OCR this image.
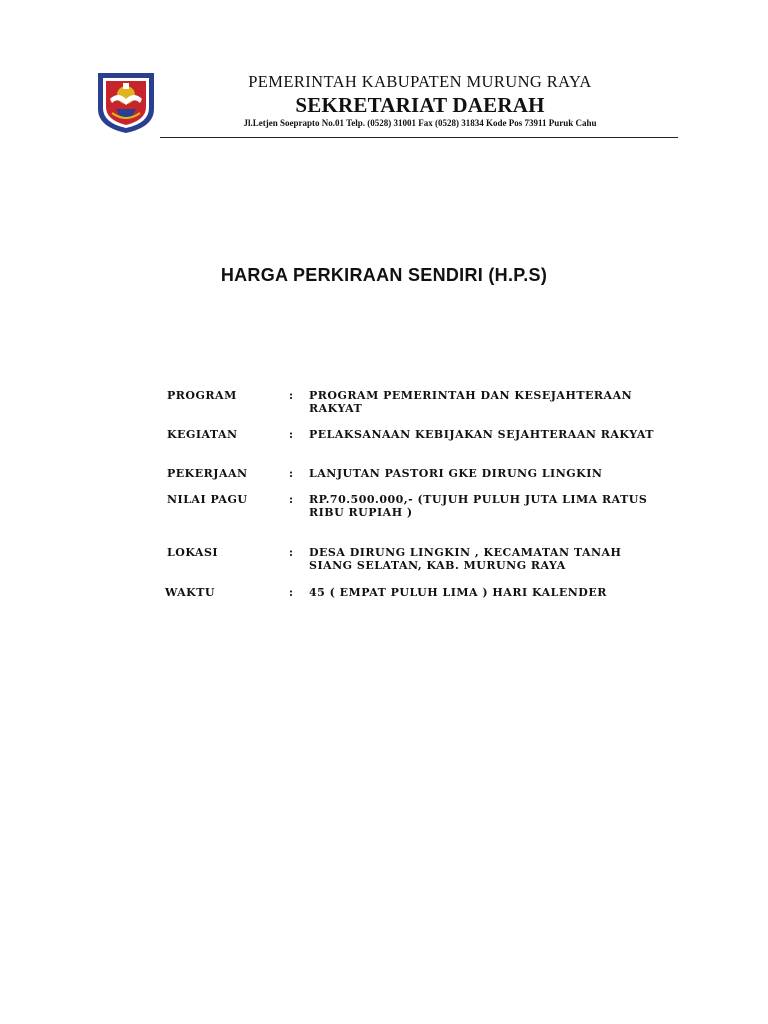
PEMERINTAH KABUPATEN MURUNG RAYA
SEKRETARIAT DAERAH
Jl.Letjen Soeprapto No.01 Telp. (0528) 31001 Fax (0528) 31834 Kode Pos 73911 Puruk Cahu
HARGA PERKIRAAN SENDIRI (H.P.S)
PROGRAM	: PROGRAM PEMERINTAH DAN KESEJAHTERAAN
RAKYAT
KEGIATAN	: PELAKSANAAN KEBIJAKAN SEJAHTERAAN RAKYAT
PEKERJAAN	: LANJUTAN PASTORI GKE DIRUNG LINGKIN
NILAI PAGU	: RP.70.500.000,- (TUJUH PULUH JUTA LIMA RATUS
RIBU RUPIAH )
LOKASI	: DESA DIRUNG LINGKIN , KECAMATAN TANAH
SIANG SELATAN, KAB. MURUNG RAYA
WAKTU	: 45 ( EMPAT PULUH LIMA ) HARI KALENDER
